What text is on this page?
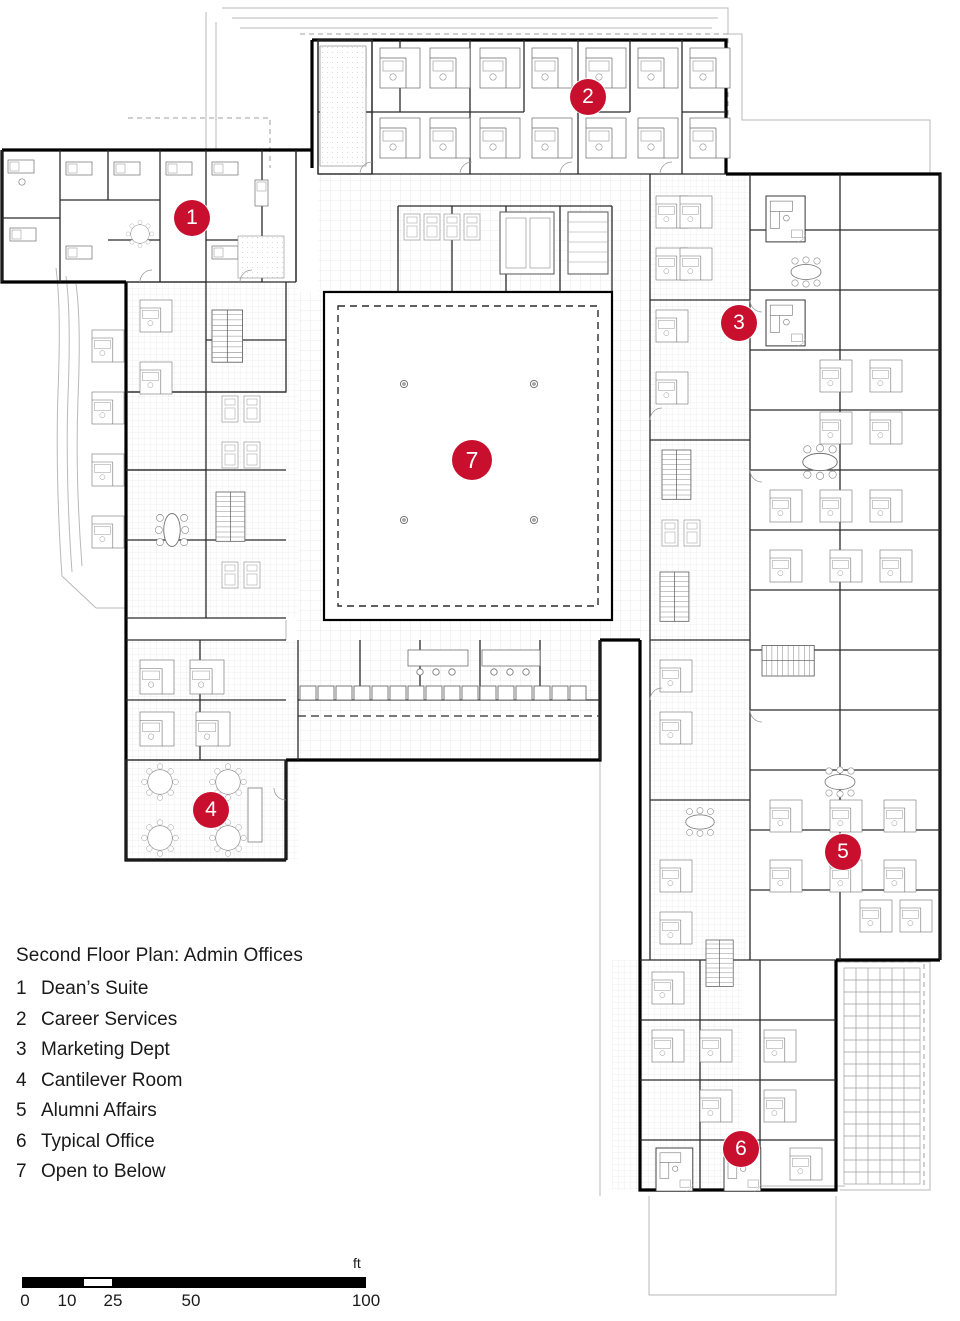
1
2
3
4
5
6
7
Second Floor Plan: Admin Offices
1 Dean’s Suite
2 Career Services
3 Marketing Dept
4 Cantilever Room
5 Alumni Affairs
6 Typical Office
7 Open to Below
ft
0 10 25	50	100
